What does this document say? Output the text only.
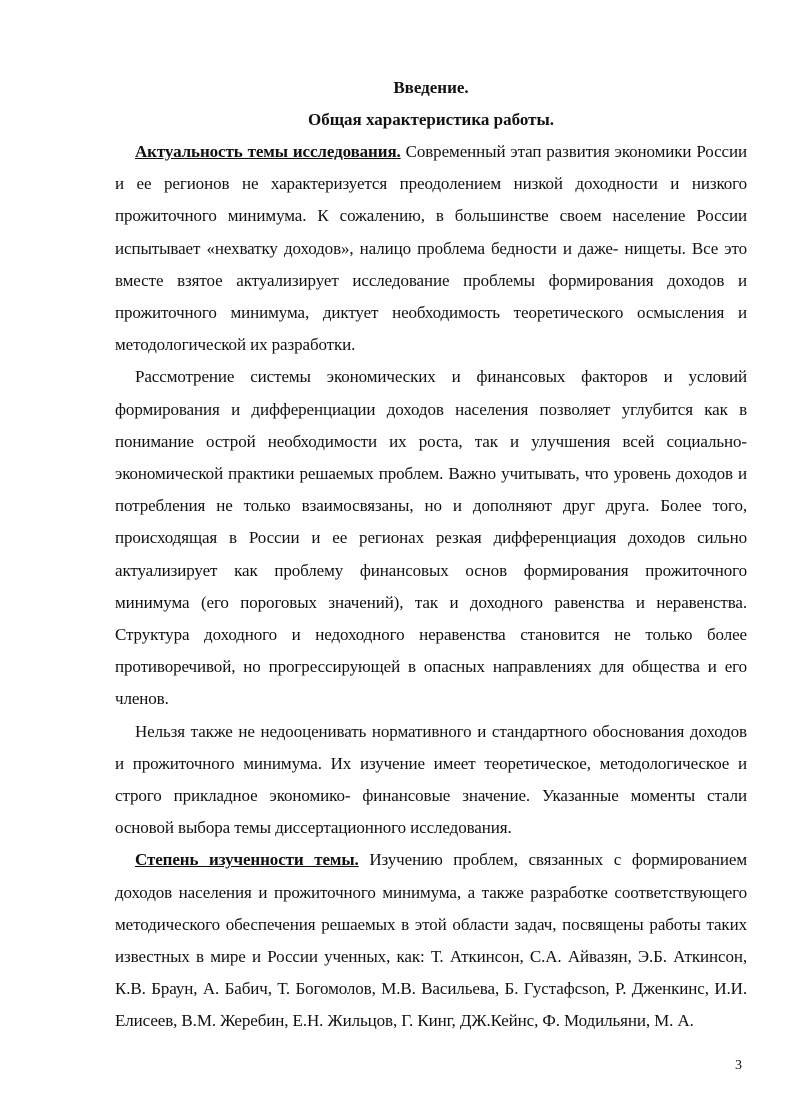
Введение.

Общая характеристика работы.

Актуальность темы исследования. Современный этап развития экономики России и ее регионов не характеризуется преодолением низкой доходности и низкого прожиточного минимума. К сожалению, в большинстве своем население России испытывает «нехватку доходов», налицо проблема бедности и даже- нищеты. Все это вместе взятое актуализирует исследование проблемы формирования доходов и прожиточного минимума, диктует необходимость теоретического осмысления и методологической их разработки.

Рассмотрение системы экономических и финансовых факторов и условий формирования и дифференциации доходов населения позволяет углубится как в понимание острой необходимости их роста, так и улучшения всей социально-экономической практики решаемых проблем. Важно учитывать, что уровень доходов и потребления не только взаимосвязаны, но и дополняют друг друга. Более того, происходящая в России и ее регионах резкая дифференциация доходов сильно актуализирует как проблему финансовых основ формирования прожиточного минимума (его пороговых значений), так и доходного равенства и неравенства. Структура доходного и недоходного неравенства становится не только более противоречивой, но прогрессирующей в опасных направлениях для общества и его членов.

Нельзя также не недооценивать нормативного и стандартного обоснования доходов и прожиточного минимума. Их изучение имеет теоретическое, методологическое и строго прикладное экономико- финансовые значение. Указанные моменты стали основой выбора темы диссертационного исследования.

Степень изученности темы. Изучению проблем, связанных с формированием доходов населения и прожиточного минимума, а также разработке соответствующего методического обеспечения решаемых в этой области задач, посвящены работы таких известных в мире и России ученных, как: Т. Аткинсон, С.А. Айвазян, Э.Б. Аткинсон, К.В. Браун, А. Бабич, Т. Богомолов, М.В. Васильева, Б. Густафсson, Р. Дженкинс, И.И. Елисеев, В.М. Жеребин, Е.Н. Жильцов, Г. Кинг, ДЖ.Кейнс, Ф. Модильяни, М. А.

3
